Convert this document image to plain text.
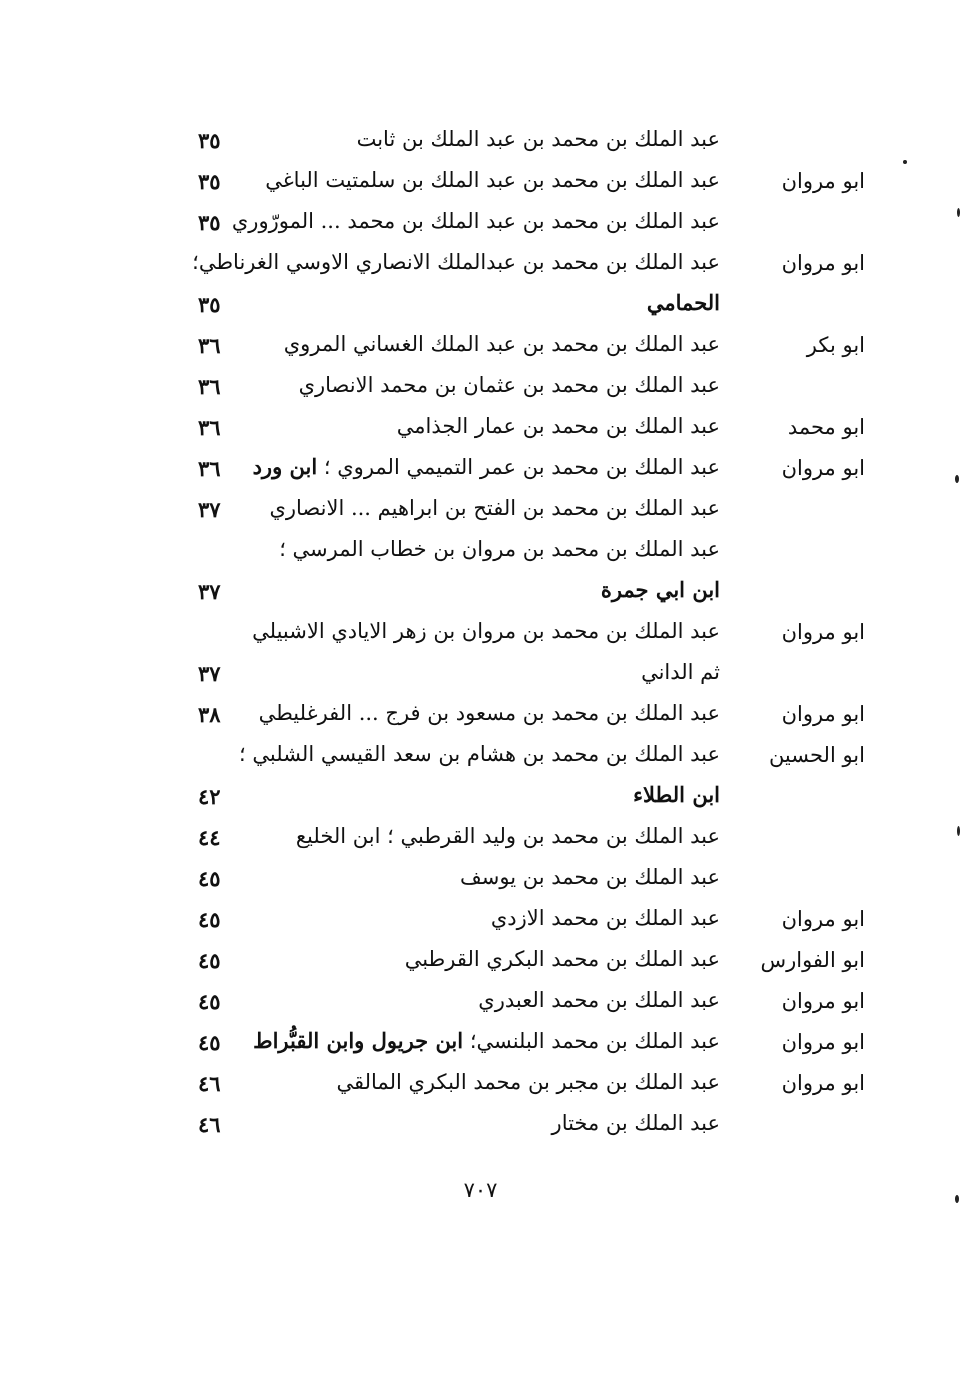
عبد الملك بن محمد بن عبد الملك بن ثابت
٣٥
ابو مروان
عبد الملك بن محمد بن عبد الملك بن سلمتيت الباغي
٣٥
عبد الملك بن محمد بن عبد الملك بن محمد ... المورّوري
٣٥
ابو مروان
عبد الملك بن محمد بن عبدالملك الانصاري الاوسي الغرناطي؛
الحمامي
٣٥
ابو بكر
عبد الملك بن محمد بن عبد الملك الغساني المروي
٣٦
عبد الملك بن محمد بن عثمان بن محمد الانصاري
٣٦
ابو محمد
عبد الملك بن محمد بن عمار الجذامي
٣٦
ابو مروان
عبد الملك بن محمد بن عمر التميمي المروي ؛ ابن ورد
٣٦
عبد الملك بن محمد بن الفتح بن ابراهيم ... الانصاري
٣٧
عبد الملك بن محمد بن مروان بن خطاب المرسي ؛
ابن ابي جمرة
٣٧
ابو مروان
عبد الملك بن محمد بن مروان بن زهر الايادي الاشبيلي
ثم الداني
٣٧
ابو مروان
عبد الملك بن محمد بن مسعود بن فرج ... الفرغليطي
٣٨
ابو الحسين
عبد الملك بن محمد بن هشام بن سعد القيسي الشلبي ؛
ابن الطلاء
٤٢
عبد الملك بن محمد بن وليد القرطبي ؛ ابن الخليع
٤٤
عبد الملك بن محمد بن يوسف
٤٥
ابو مروان
عبد الملك بن محمد الازدي
٤٥
ابو الفوارس
عبد الملك بن محمد البكري القرطبي
٤٥
ابو مروان
عبد الملك بن محمد العبدري
٤٥
ابو مروان
عبد الملك بن محمد البلنسي؛ ابن جريول وابن القبُّراط
٤٥
ابو مروان
عبد الملك بن مجبر بن محمد البكري المالقي
٤٦
عبد الملك بن مختار
٤٦
٧٠٧
